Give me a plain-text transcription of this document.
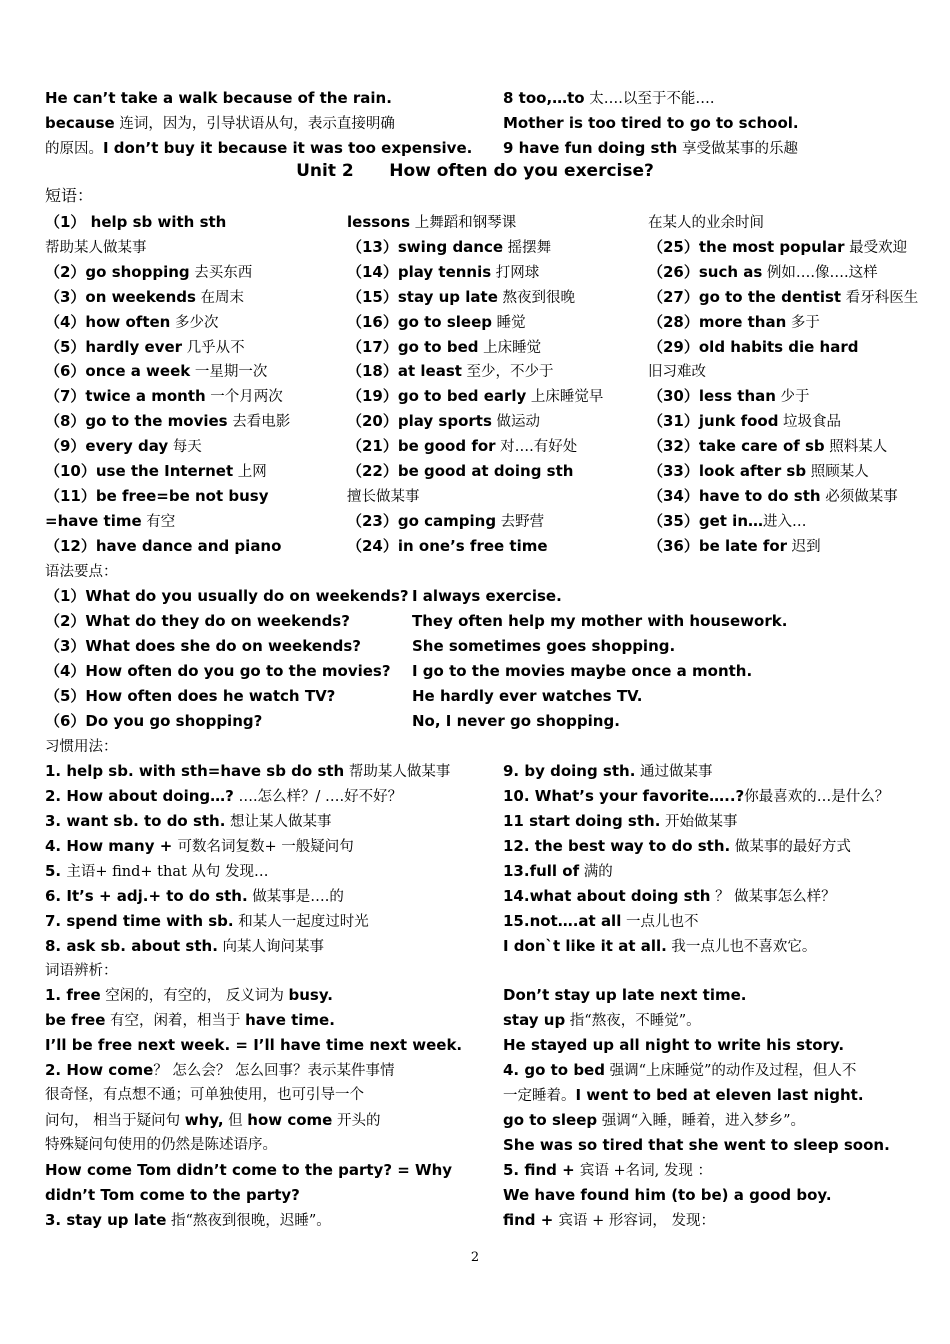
He can’t take a walk because of the rain.
because 连词，因为，引导状语从句，表示直接明确
的原因。I don’t buy it because it was too expensive.
8 too,…to 太….以至于不能….
Mother is too tired to go to school.
9 have fun doing sth 享受做某事的乐趣
Unit 2      How often do you exercise?
短语：
（1） help sb with sth
帮助某人做某事
（2）go shopping 去买东西
（3）on weekends 在周末
（4）how often 多少次
（5）hardly ever 几乎从不
（6）once a week 一星期一次
（7）twice a month 一个月两次
（8）go to the movies 去看电影
（9）every day 每天
（10）use the Internet 上网
（11）be free=be not busy
=have time 有空
（12）have dance and piano
lessons 上舞蹈和钢琴课
（13）swing dance 摇摆舞
（14）play tennis 打网球
（15）stay up late 熬夜到很晚
（16）go to sleep 睡觉
（17）go to bed 上床睡觉
（18）at least 至少，不少于
（19）go to bed early 上床睡觉早
（20）play sports 做运动
（21）be good for 对….有好处
（22）be good at doing sth
擅长做某事
（23）go camping 去野营
（24）in one’s free time
在某人的业余时间
（25）the most popular 最受欢迎
（26）such as 例如….像….这样
（27）go to the dentist 看牙科医生
（28）more than 多于
（29）old habits die hard
旧习难改
（30）less than 少于
（31）junk food 垃圾食品
（32）take care of sb 照料某人
（33）look after sb 照顾某人
（34）have to do sth 必须做某事
（35）get in…进入…
（36）be late for 迟到
语法要点：
（1）What do you usually do on weekends? I always exercise.
（2）What do they do on weekends?	They often help my mother with housework.
（3）What does she do on weekends?	She sometimes goes shopping.
（4）How often do you go to the movies? I go to the movies maybe once a month.
（5）How often does he watch TV?	He hardly ever watches TV.
（6）Do you go shopping?	No, I never go shopping.
习惯用法：
1. help sb. with sth=have sb do sth 帮助某人做某事
2. How about doing…? ….怎么样？/ ….好不好？
3. want sb. to do sth. 想让某人做某事
4. How many + 可数名词复数+ 一般疑问句
5. 主语+ find+ that 从句 发现…
6. It’s + adj.+ to do sth. 做某事是….的
7. spend time with sb. 和某人一起度过时光
8. ask sb. about sth. 向某人询问某事
9. by doing sth. 通过做某事
10. What’s your favorite…..?你最喜欢的…是什么？
11 start doing sth. 开始做某事
12. the best way to do sth. 做某事的最好方式
13.full of 满的
14.what about doing sth ？ 做某事怎么样？
15.not….at all 一点儿也不
I don`t like it at all. 我一点儿也不喜欢它。
词语辨析：
1. free 空闲的，有空的， 反义词为 busy.
be free 有空，闲着，相当于 have time.
I’ll be free next week. = I’ll have time next week.
2. How come？ 怎么会？ 怎么回事？表示某件事情
很奇怪，有点想不通；可单独使用，也可引导一个
问句， 相当于疑问句 why, 但 how come 开头的
特殊疑问句使用的仍然是陈述语序。
How come Tom didn’t come to the party? = Why
didn’t Tom come to the party?
3. stay up late 指“熬夜到很晚，迟睡”。
Don’t stay up late next time.
stay up 指“熬夜，不睡觉”。
He stayed up all night to write his story.
4. go to bed 强调“上床睡觉”的动作及过程，但人不
一定睡着。I went to bed at eleven last night.
go to sleep 强调“入睡，睡着，进入梦乡”。
She was so tired that she went to sleep soon.
5. find + 宾语 +名词, 发现 ：
We have found him (to be) a good boy.
find + 宾语 + 形容词， 发现：
2
